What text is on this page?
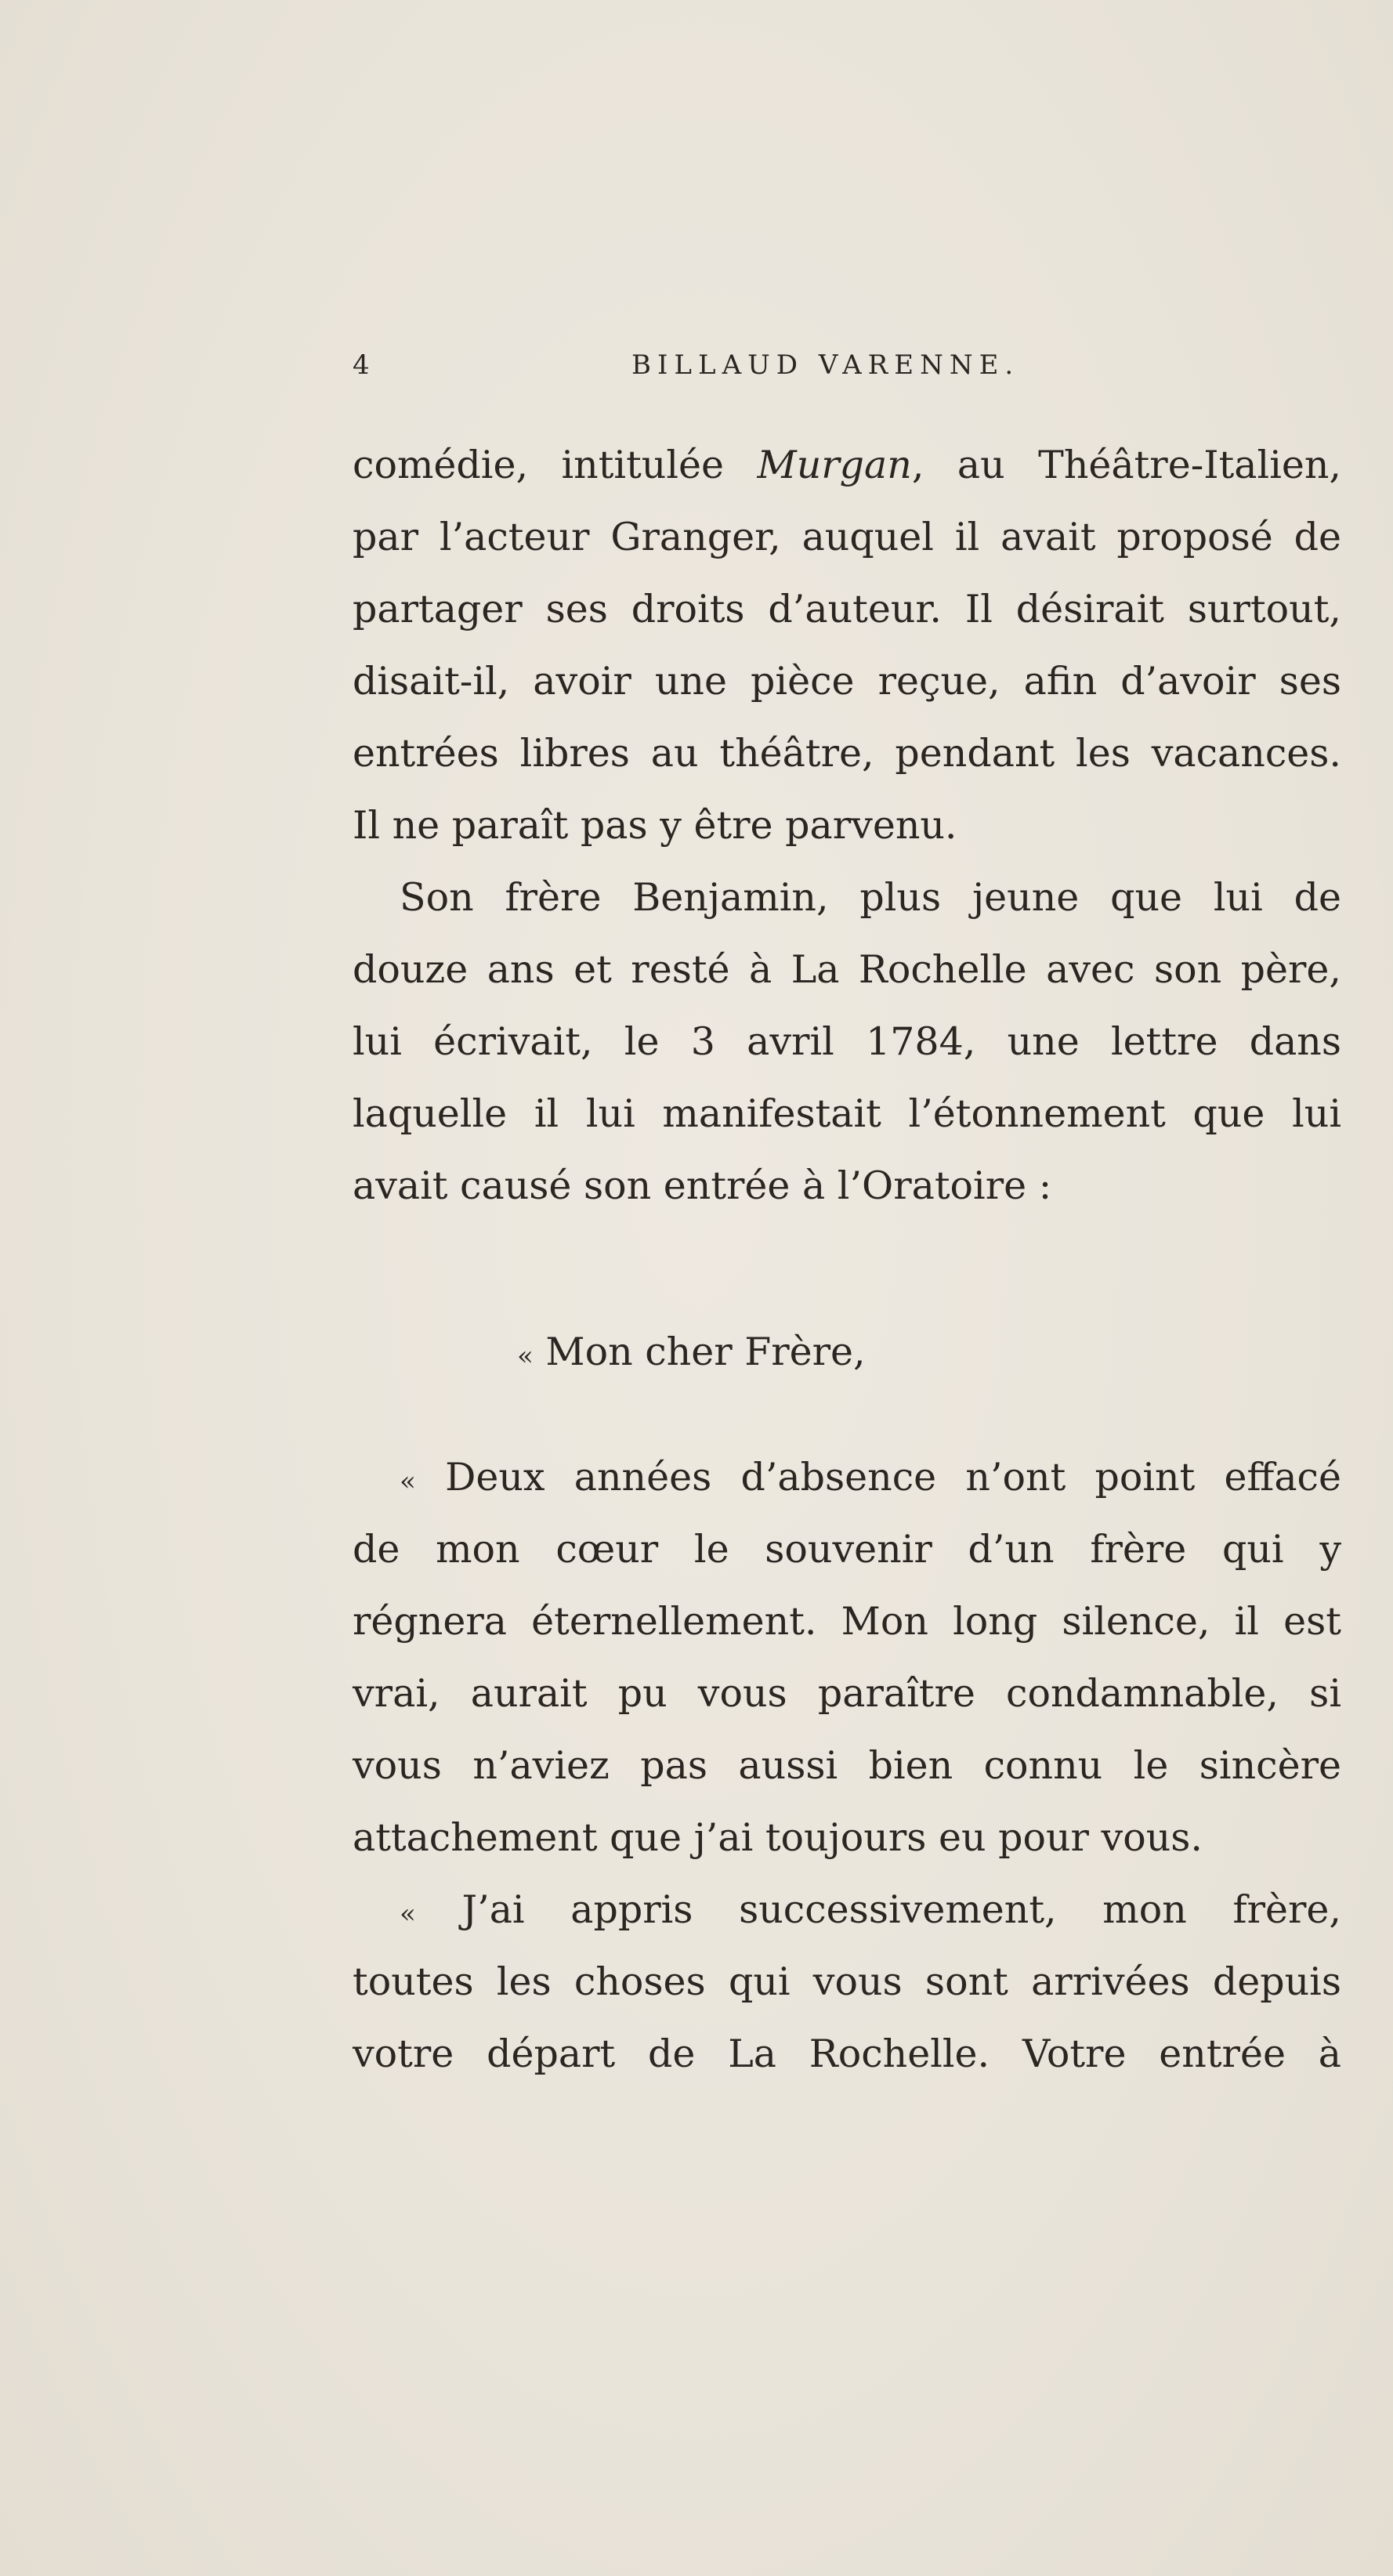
4	BILLAUD VARENNE.
comédie, intitulée Murgan, au Théâtre-Italien,
par l’acteur Granger, auquel il avait proposé de
partager ses droits d’auteur. Il désirait surtout,
disait-il, avoir une pièce reçue, afin d’avoir ses
entrées libres au théâtre, pendant les vacances.
Il ne paraît pas y être parvenu.
Son frère Benjamin, plus jeune que lui de
douze ans et resté à La Rochelle avec son père,
lui écrivait, le 3 avril 1784, une lettre dans
laquelle il lui manifestait l’étonnement que lui
avait causé son entrée à l’Oratoire :
« Mon cher Frère,
« Deux années d’absence n’ont point effacé
de mon cœur le souvenir d’un frère qui y
régnera éternellement. Mon long silence, il est
vrai, aurait pu vous paraître condamnable, si
vous n’aviez pas aussi bien connu le sincère
attachement que j’ai toujours eu pour vous.
« J’ai appris successivement, mon frère,
toutes les choses qui vous sont arrivées depuis
votre départ de La Rochelle. Votre entrée à
